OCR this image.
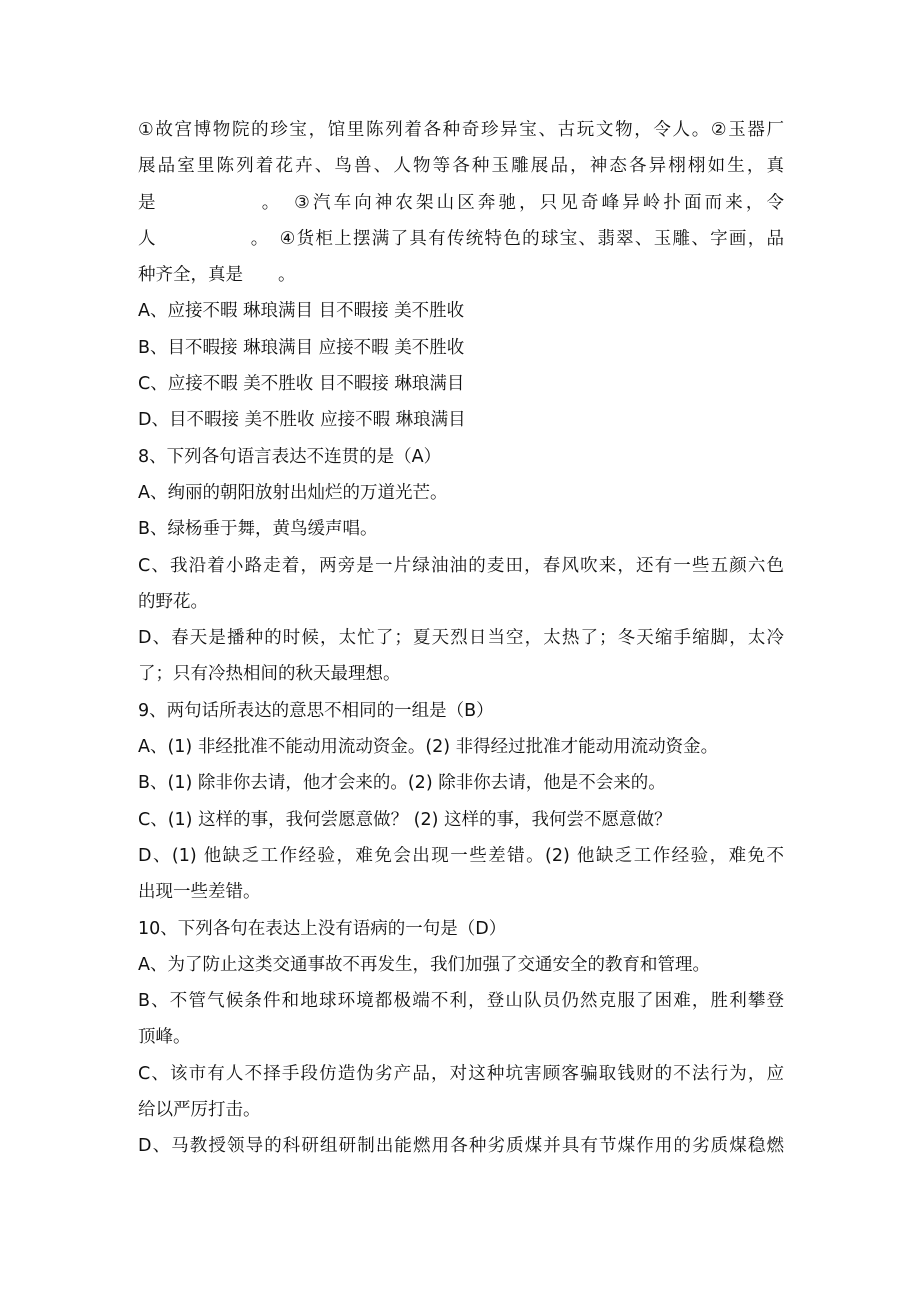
①故宫博物院的珍宝，馆里陈列着各种奇珍异宝、古玩文物，令人。②玉器厂
展品室里陈列着花卉、鸟兽、人物等各种玉雕展品，神态各异栩栩如生，真
是　　　　　。　③汽车向神农架山区奔驰，只见奇峰异岭扑面而来，令
人　　　　　。　④货柜上摆满了具有传统特色的球宝、翡翠、玉雕、字画，品
种齐全，真是　　。
A、应接不暇 琳琅满目 目不暇接 美不胜收
B、目不暇接 琳琅满目 应接不暇 美不胜收
C、应接不暇 美不胜收 目不暇接 琳琅满目
D、目不暇接 美不胜收 应接不暇 琳琅满目
8、下列各句语言表达不连贯的是（A）
A、绚丽的朝阳放射出灿烂的万道光芒。
B、绿杨垂于舞，黄鸟缓声唱。
C、我沿着小路走着，两旁是一片绿油油的麦田，春风吹来，还有一些五颜六色
的野花。
D、春天是播种的时候，太忙了；夏天烈日当空，太热了；冬天缩手缩脚，太冷
了；只有冷热相间的秋天最理想。
9、两句话所表达的意思不相同的一组是（B）
A、(1) 非经批准不能动用流动资金。(2) 非得经过批准才能动用流动资金。
B、(1) 除非你去请，他才会来的。(2) 除非你去请，他是不会来的。
C、(1) 这样的事，我何尝愿意做？ (2) 这样的事，我何尝不愿意做？
D、(1) 他缺乏工作经验，难免会出现一些差错。(2) 他缺乏工作经验，难免不
出现一些差错。
10、下列各句在表达上没有语病的一句是（D）
A、为了防止这类交通事故不再发生，我们加强了交通安全的教育和管理。
B、不管气候条件和地球环境都极端不利，登山队员仍然克服了困难，胜利攀登
顶峰。
C、该市有人不择手段仿造伪劣产品，对这种坑害顾客骗取钱财的不法行为，应
给以严厉打击。
D、马教授领导的科研组研制出能燃用各种劣质煤并具有节煤作用的劣质煤稳燃
